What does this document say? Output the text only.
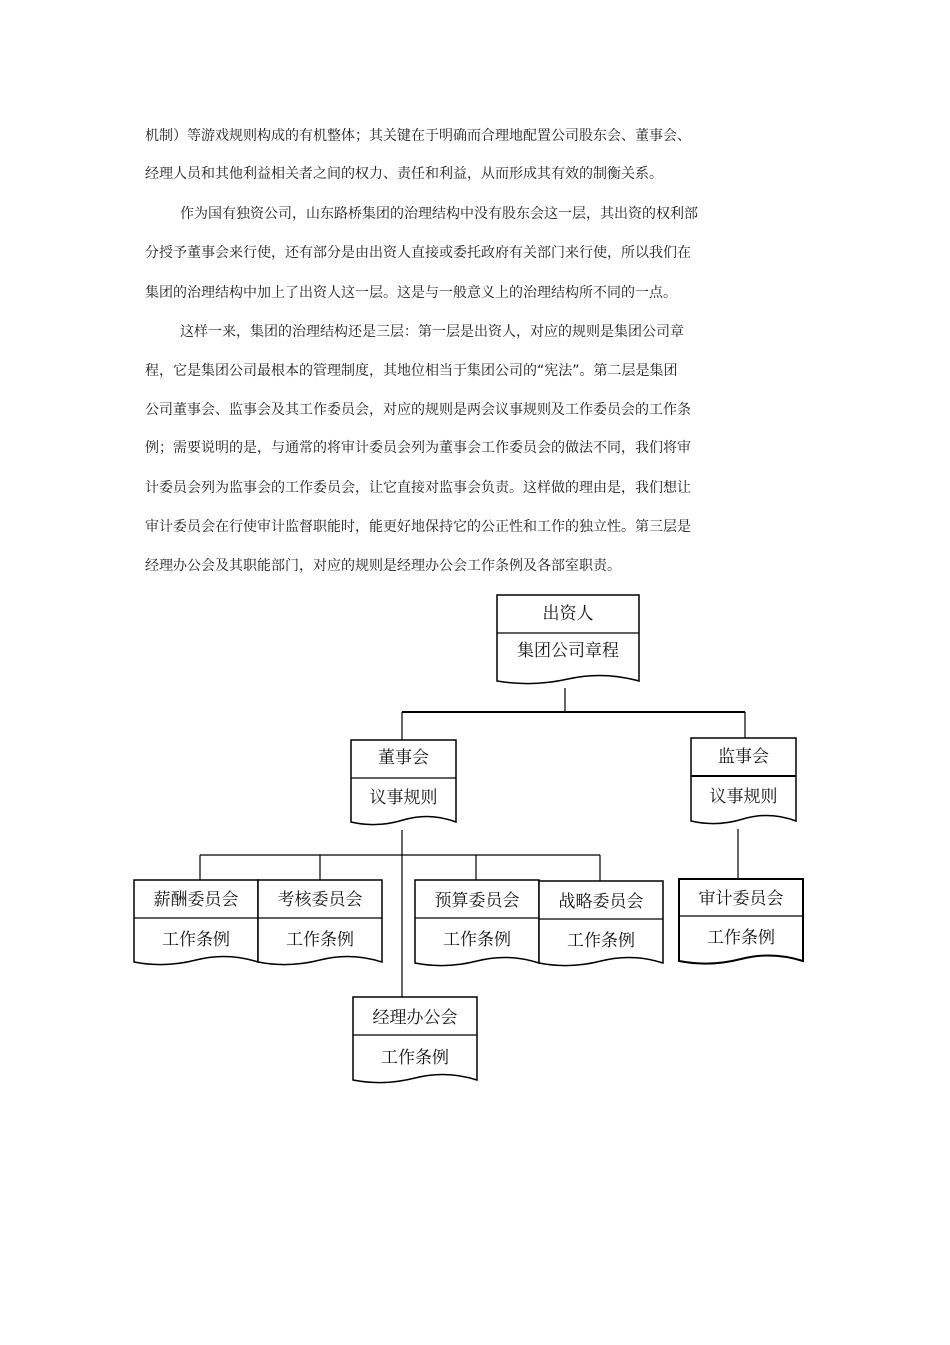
机制）等游戏规则构成的有机整体；其关键在于明确而合理地配置公司股东会、董事会、
经理人员和其他利益相关者之间的权力、责任和利益，从而形成其有效的制衡关系。
作为国有独资公司，山东路桥集团的治理结构中没有股东会这一层，其出资的权利部
分授予董事会来行使，还有部分是由出资人直接或委托政府有关部门来行使，所以我们在
集团的治理结构中加上了出资人这一层。这是与一般意义上的治理结构所不同的一点。
这样一来，集团的治理结构还是三层：第一层是出资人，对应的规则是集团公司章
程，它是集团公司最根本的管理制度，其地位相当于集团公司的“宪法”。第二层是集团
公司董事会、监事会及其工作委员会，对应的规则是两会议事规则及工作委员会的工作条
例；需要说明的是，与通常的将审计委员会列为董事会工作委员会的做法不同，我们将审
计委员会列为监事会的工作委员会，让它直接对监事会负责。这样做的理由是，我们想让
审计委员会在行使审计监督职能时，能更好地保持它的公正性和工作的独立性。第三层是
经理办公会及其职能部门，对应的规则是经理办公会工作条例及各部室职责。
出资人
集团公司章程
董事会
议事规则
监事会
议事规则
薪酬委员会
工作条例
考核委员会
工作条例
预算委员会
工作条例
战略委员会
工作条例
审计委员会
工作条例
经理办公会
工作条例
